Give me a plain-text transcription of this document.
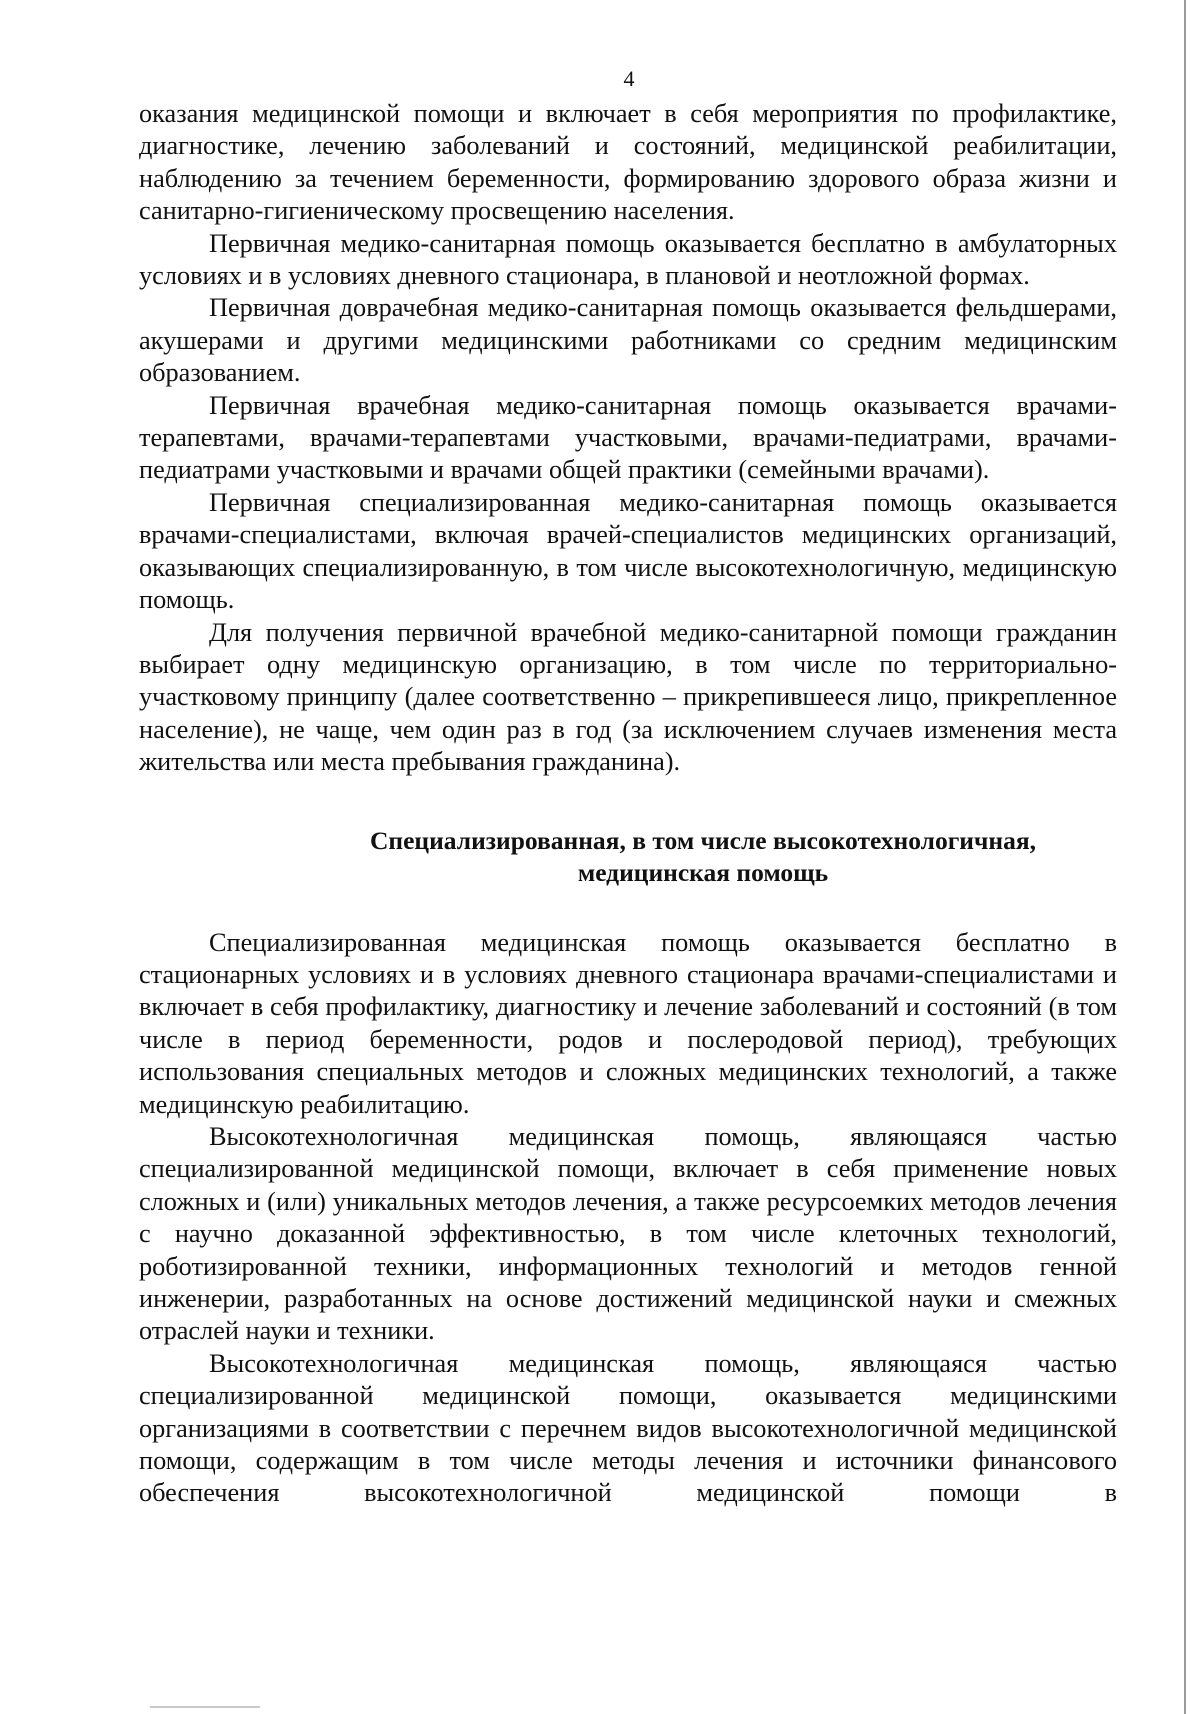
4

оказания медицинской помощи и включает в себя мероприятия по профилактике, диагностике, лечению заболеваний и состояний, медицинской реабилитации, наблюдению за течением беременности, формированию здорового образа жизни и санитарно-гигиеническому просвещению населения.

Первичная медико-санитарная помощь оказывается бесплатно в амбулаторных условиях и в условиях дневного стационара, в плановой и неотложной формах.

Первичная доврачебная медико-санитарная помощь оказывается фельдшерами, акушерами и другими медицинскими работниками со средним медицинским образованием.

Первичная врачебная медико-санитарная помощь оказывается врачами-терапевтами, врачами-терапевтами участковыми, врачами-педиатрами, врачами-педиатрами участковыми и врачами общей практики (семейными врачами).

Первичная специализированная медико-санитарная помощь оказывается врачами-специалистами, включая врачей-специалистов медицинских организаций, оказывающих специализированную, в том числе высокотехнологичную, медицинскую помощь.

Для получения первичной врачебной медико-санитарной помощи гражданин выбирает одну медицинскую организацию, в том числе по территориально-участковому принципу (далее соответственно – прикрепившееся лицо, прикрепленное население), не чаще, чем один раз в год (за исключением случаев изменения места жительства или места пребывания гражданина).

Специализированная, в том числе высокотехнологичная,
медицинская помощь

Специализированная медицинская помощь оказывается бесплатно в стационарных условиях и в условиях дневного стационара врачами-специалистами и включает в себя профилактику, диагностику и лечение заболеваний и состояний (в том числе в период беременности, родов и послеродовой период), требующих использования специальных методов и сложных медицинских технологий, а также медицинскую реабилитацию.

Высокотехнологичная медицинская помощь, являющаяся частью специализированной медицинской помощи, включает в себя применение новых сложных и (или) уникальных методов лечения, а также ресурсоемких методов лечения с научно доказанной эффективностью, в том числе клеточных технологий, роботизированной техники, информационных технологий и методов генной инженерии, разработанных на основе достижений медицинской науки и смежных отраслей науки и техники.

Высокотехнологичная медицинская помощь, являющаяся частью специализированной медицинской помощи, оказывается медицинскими организациями в соответствии с перечнем видов высокотехнологичной медицинской помощи, содержащим в том числе методы лечения и источники финансового обеспечения высокотехнологичной медицинской помощи в
